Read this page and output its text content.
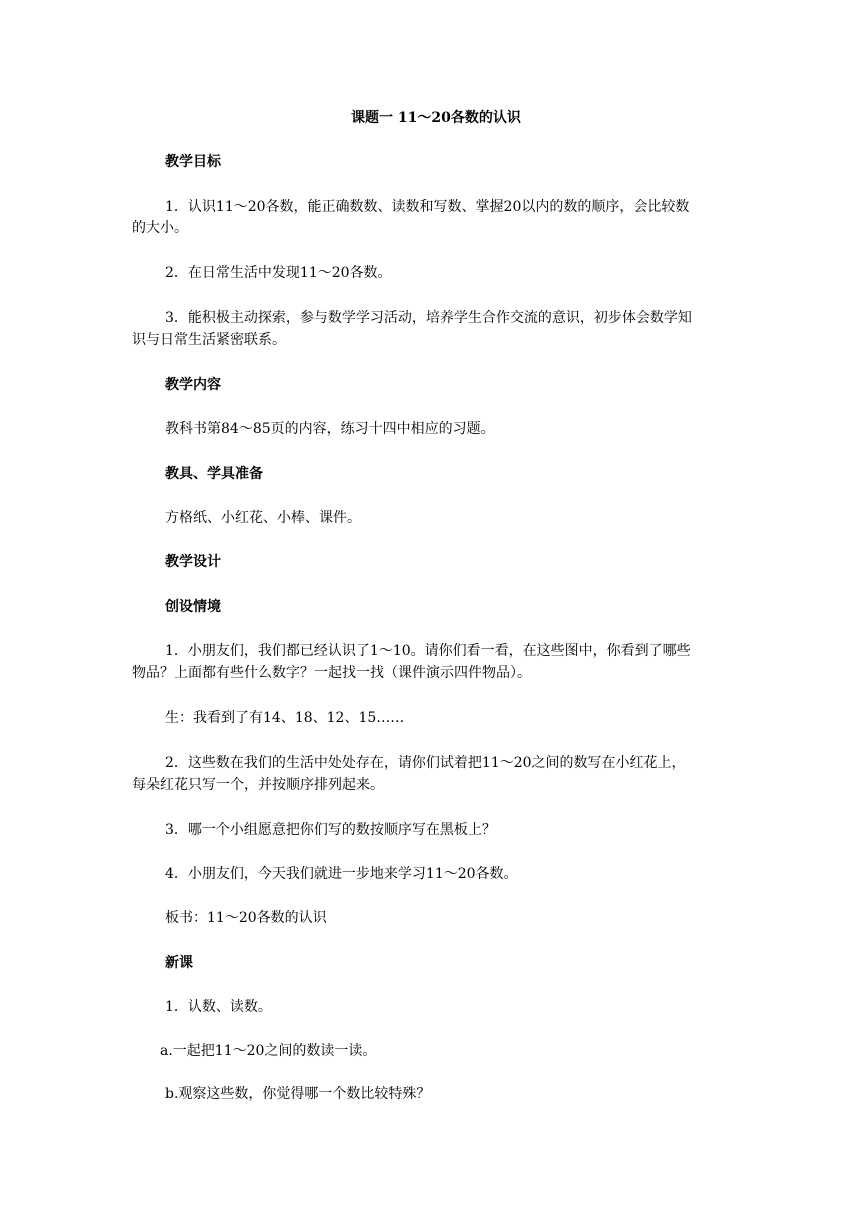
课题一 11～20各数的认识
教学目标
1．认识11～20各数，能正确数数、读数和写数、掌握20以内的数的顺序，会比较数
的大小。
2．在日常生活中发现11～20各数。
3．能积极主动探索，参与数学学习活动，培养学生合作交流的意识，初步体会数学知
识与日常生活紧密联系。
教学内容
教科书第84～85页的内容，练习十四中相应的习题。
教具、学具准备
方格纸、小红花、小棒、课件。
教学设计
创设情境
1．小朋友们，我们都已经认识了1～10。请你们看一看，在这些图中，你看到了哪些
物品？上面都有些什么数字？一起找一找（课件演示四件物品）。
生：我看到了有14、18、12、15……
2．这些数在我们的生活中处处存在，请你们试着把11～20之间的数写在小红花上，
每朵红花只写一个，并按顺序排列起来。
3．哪一个小组愿意把你们写的数按顺序写在黑板上？
4．小朋友们，今天我们就进一步地来学习11～20各数。
板书：11～20各数的认识
新课
1．认数、读数。
a.一起把11～20之间的数读一读。
b.观察这些数，你觉得哪一个数比较特殊？
